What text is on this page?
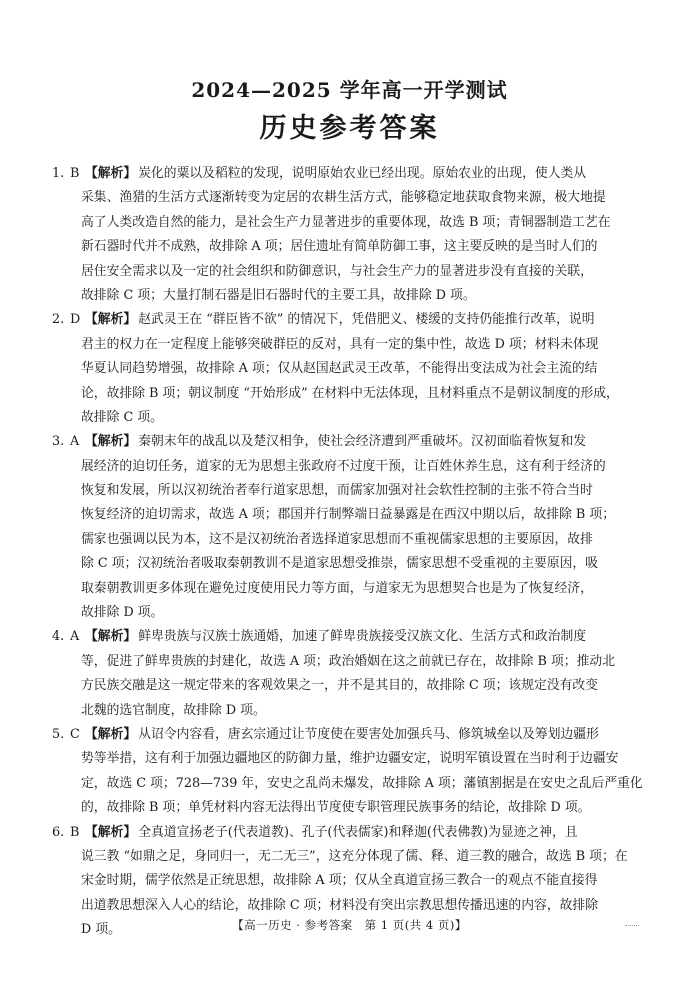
2024—2025 学年高一开学测试
历史参考答案
1. B 【解析】 炭化的粟以及稻粒的发现，说明原始农业已经出现。原始农业的出现，使人类从
采集、渔猎的生活方式逐渐转变为定居的农耕生活方式，能够稳定地获取食物来源，极大地提
高了人类改造自然的能力，是社会生产力显著进步的重要体现，故选 B 项；青铜器制造工艺在
新石器时代并不成熟，故排除 A 项；居住遗址有简单防御工事，这主要反映的是当时人们的
居住安全需求以及一定的社会组织和防御意识，与社会生产力的显著进步没有直接的关联，
故排除 C 项；大量打制石器是旧石器时代的主要工具，故排除 D 项。
2. D 【解析】 赵武灵王在 “群臣皆不欲” 的情况下，凭借肥义、楼缓的支持仍能推行改革，说明
君主的权力在一定程度上能够突破群臣的反对，具有一定的集中性，故选 D 项；材料未体现
华夏认同趋势增强，故排除 A 项；仅从赵国赵武灵王改革，不能得出变法成为社会主流的结
论，故排除 B 项；朝议制度 “开始形成” 在材料中无法体现，且材料重点不是朝议制度的形成，
故排除 C 项。
3. A 【解析】 秦朝末年的战乱以及楚汉相争，使社会经济遭到严重破坏。汉初面临着恢复和发
展经济的迫切任务，道家的无为思想主张政府不过度干预，让百姓休养生息，这有利于经济的
恢复和发展，所以汉初统治者奉行道家思想，而儒家加强对社会软性控制的主张不符合当时
恢复经济的迫切需求，故选 A 项；郡国并行制弊端日益暴露是在西汉中期以后，故排除 B 项；
儒家也强调以民为本，这不是汉初统治者选择道家思想而不重视儒家思想的主要原因，故排
除 C 项；汉初统治者吸取秦朝教训不是道家思想受推崇，儒家思想不受重视的主要原因，吸
取秦朝教训更多体现在避免过度使用民力等方面，与道家无为思想契合也是为了恢复经济，
故排除 D 项。
4. A 【解析】 鲜卑贵族与汉族士族通婚，加速了鲜卑贵族接受汉族文化、生活方式和政治制度
等，促进了鲜卑贵族的封建化，故选 A 项；政治婚姻在这之前就已存在，故排除 B 项；推动北
方民族交融是这一规定带来的客观效果之一，并不是其目的，故排除 C 项；该规定没有改变
北魏的选官制度，故排除 D 项。
5. C 【解析】 从诏令内容看，唐玄宗通过让节度使在要害处加强兵马、修筑城垒以及筹划边疆形
势等举措，这有利于加强边疆地区的防御力量，维护边疆安定，说明军镇设置在当时利于边疆安
定，故选 C 项；728—739 年，安史之乱尚未爆发，故排除 A 项；藩镇割据是在安史之乱后严重化
的，故排除 B 项；单凭材料内容无法得出节度使专职管理民族事务的结论，故排除 D 项。
6. B 【解析】 全真道宣扬老子(代表道教)、孔子(代表儒家)和释迦(代表佛教)为显迹之神，且
说三教 “如鼎之足，身同归一，无二无三”，这充分体现了儒、释、道三教的融合，故选 B 项；在
宋金时期，儒学依然是正统思想，故排除 A 项；仅从全真道宣扬三教合一的观点不能直接得
出道教思想深入人心的结论，故排除 C 项；材料没有突出宗教思想传播迅速的内容，故排除
D 项。	【高一历史 · 参考答案　第 1 页(共 4 页)】
